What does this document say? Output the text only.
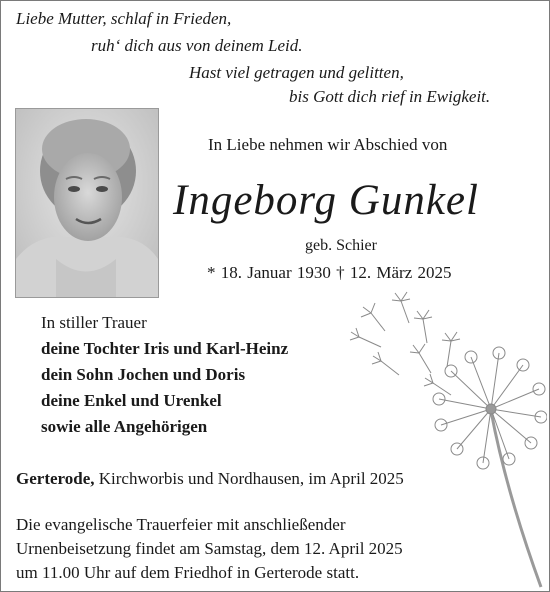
Liebe Mutter, schlaf in Frieden,
ruh‘ dich aus von deinem Leid.
Hast viel getragen und gelitten,
bis Gott dich rief in Ewigkeit.
In Liebe nehmen wir Abschied von
Ingeborg Gunkel
geb. Schier
* 18. Januar 1930 † 12. März 2025
In stiller Trauer
deine Tochter Iris und Karl-Heinz
dein Sohn Jochen und Doris
deine Enkel und Urenkel
sowie alle Angehörigen
Gerterode, Kirchworbis und Nordhausen, im April 2025
Die evangelische Trauerfeier mit anschließender
Urnenbeisetzung findet am Samstag, dem 12. April 2025
um 11.00 Uhr auf dem Friedhof in Gerterode statt.
